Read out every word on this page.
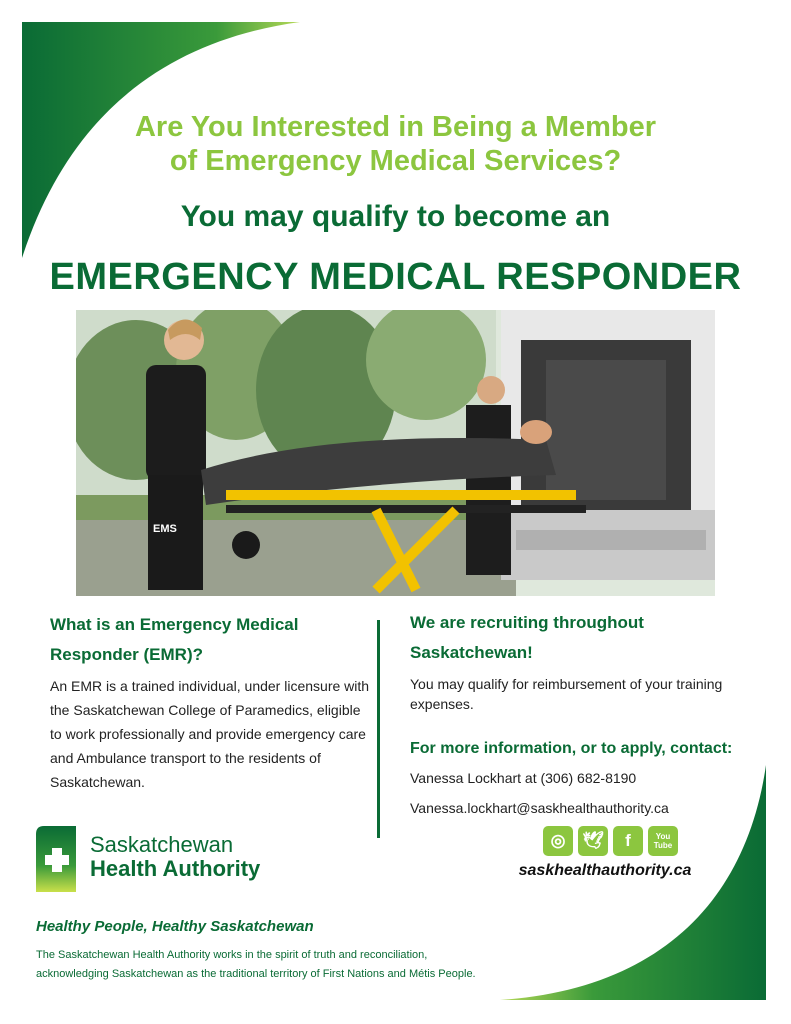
Are You Interested in Being a Member
of Emergency Medical Services?
You may qualify to become an
EMERGENCY MEDICAL RESPONDER
EMS

What is an Emergency Medical

Responder (EMR)?

An EMR is a trained individual, under licensure with the Saskatchewan College of Paramedics, eligible to work professionally and provide emergency care and Ambulance transport to the residents of Saskatchewan.

We are recruiting throughout

Saskatchewan!

You may qualify for reimbursement of your training expenses.

For more information, or to apply, contact:

Vanessa Lockhart at (306) 682-8190

Vanessa.lockhart@saskhealthauthority.ca

◎ 🕊	f	You Tube
saskhealthauthority.ca
Saskatchewan
Health Authority
Healthy People, Healthy Saskatchewan
The Saskatchewan Health Authority works in the spirit of truth and reconciliation,
acknowledging Saskatchewan as the traditional territory of First Nations and Métis People.
